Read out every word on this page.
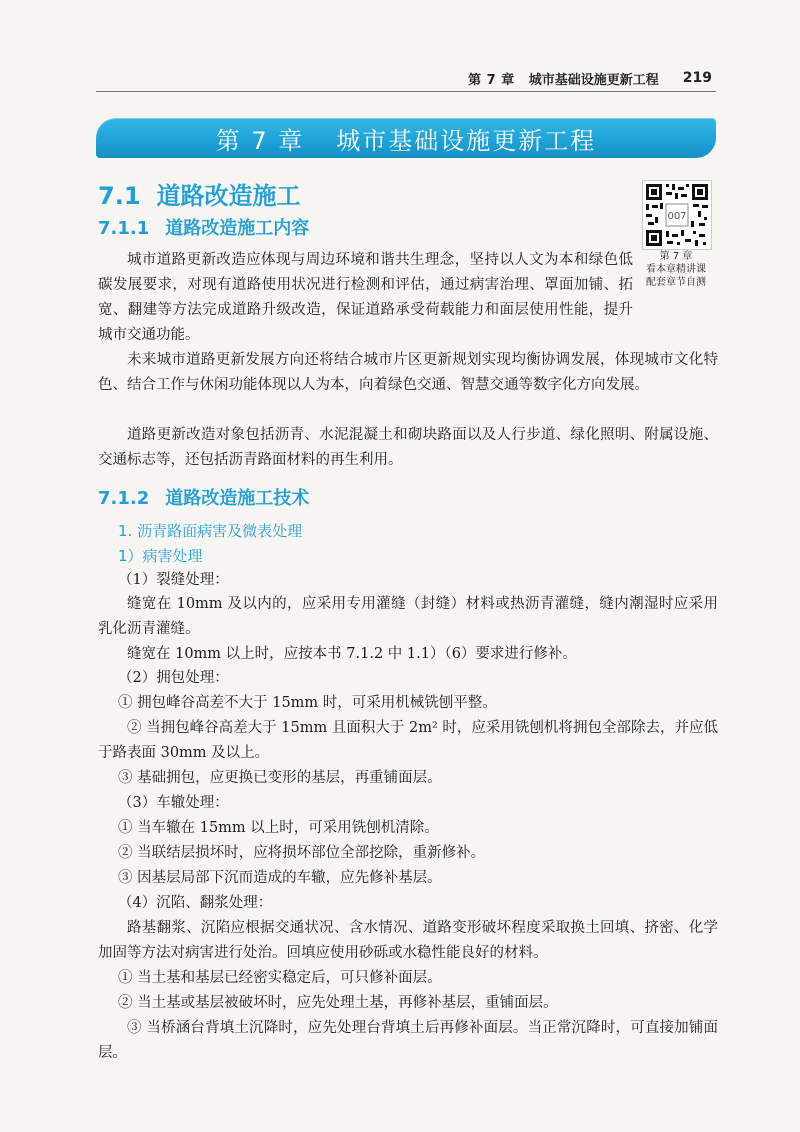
第 7 章 城市基础设施更新工程 219
第 7 章 城市基础设施更新工程
7.1 道路改造施工
007
第 7 章
看本章精讲课
配套章节自测
7.1.1 道路改造施工内容

城市道路更新改造应体现与周边环境和谐共生理念，坚持以人文为本和绿色低碳发展要求，对现有道路使用状况进行检测和评估，通过病害治理、罩面加铺、拓宽、翻建等方法完成道路升级改造，保证道路承受荷载能力和面层使用性能，提升城市交通功能。

未来城市道路更新发展方向还将结合城市片区更新规划实现均衡协调发展，体现城市文化特色、结合工作与休闲功能体现以人为本，向着绿色交通、智慧交通等数字化方向发展。

道路更新改造对象包括沥青、水泥混凝土和砌块路面以及人行步道、绿化照明、附属设施、交通标志等，还包括沥青路面材料的再生利用。

7.1.2 道路改造施工技术
1. 沥青路面病害及微表处理
1）病害处理

（1）裂缝处理：

缝宽在 10mm 及以内的，应采用专用灌缝（封缝）材料或热沥青灌缝，缝内潮湿时应采用乳化沥青灌缝。

缝宽在 10mm 以上时，应按本书 7.1.2 中 1.1）（6）要求进行修补。

（2）拥包处理：

① 拥包峰谷高差不大于 15mm 时，可采用机械铣刨平整。

② 当拥包峰谷高差大于 15mm 且面积大于 2m² 时，应采用铣刨机将拥包全部除去，并应低于路表面 30mm 及以上。

③ 基础拥包，应更换已变形的基层，再重铺面层。

（3）车辙处理：

① 当车辙在 15mm 以上时，可采用铣刨机清除。

② 当联结层损坏时，应将损坏部位全部挖除，重新修补。

③ 因基层局部下沉而造成的车辙，应先修补基层。

（4）沉陷、翻浆处理：

路基翻浆、沉陷应根据交通状况、含水情况、道路变形破坏程度采取换土回填、挤密、化学加固等方法对病害进行处治。回填应使用砂砾或水稳性能良好的材料。

① 当土基和基层已经密实稳定后，可只修补面层。

② 当土基或基层被破坏时，应先处理土基，再修补基层，重铺面层。

③ 当桥涵台背填土沉降时，应先处理台背填土后再修补面层。当正常沉降时，可直接加铺面层。
